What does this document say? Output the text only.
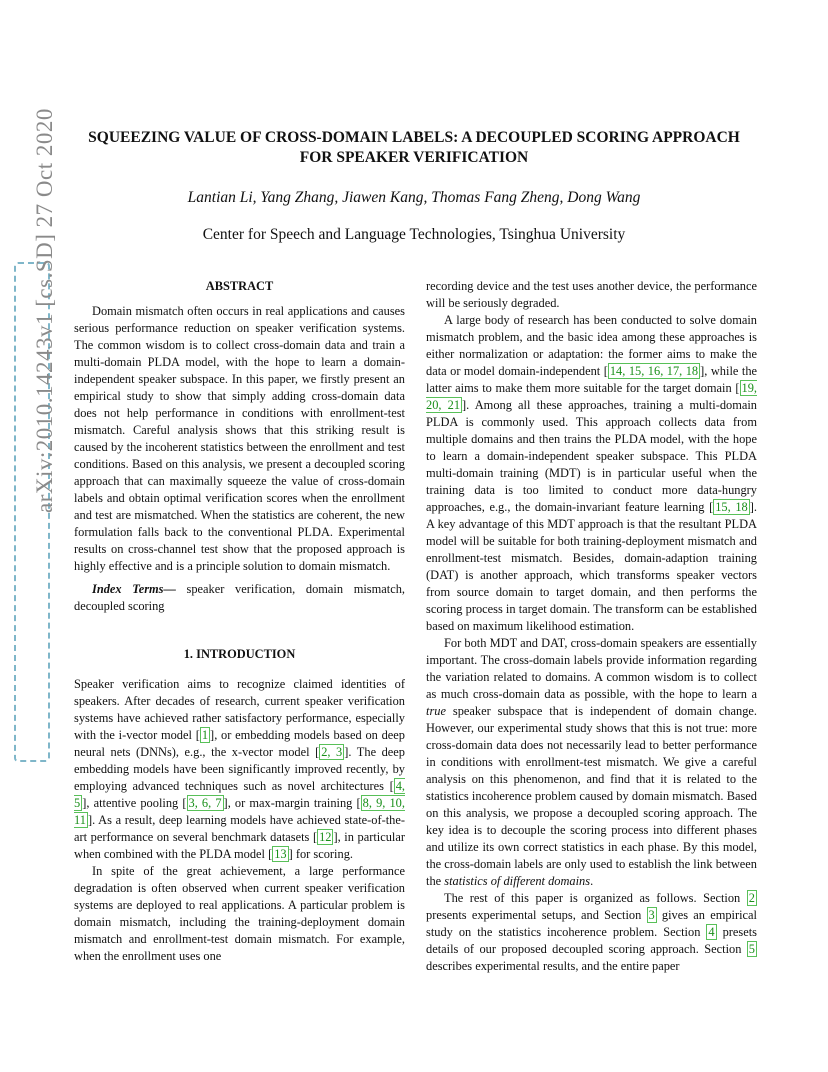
arXiv:2010.14243v1 [cs.SD] 27 Oct 2020	SQUEEZING VALUE OF CROSS-DOMAIN LABELS: A DECOUPLED SCORING APPROACH
FOR SPEAKER VERIFICATION
Lantian Li, Yang Zhang, Jiawen Kang, Thomas Fang Zheng, Dong Wang
Center for Speech and Language Technologies, Tsinghua University
ABSTRACT

Domain mismatch often occurs in real applications and causes serious performance reduction on speaker verification systems. The common wisdom is to collect cross-domain data and train a multi-domain PLDA model, with the hope to learn a domain-independent speaker subspace. In this paper, we firstly present an empirical study to show that simply adding cross-domain data does not help performance in conditions with enrollment-test mismatch. Careful analysis shows that this striking result is caused by the incoherent statistics between the enrollment and test conditions. Based on this analysis, we present a decoupled scoring approach that can maximally squeeze the value of cross-domain labels and obtain optimal verification scores when the enrollment and test are mismatched. When the statistics are coherent, the new formulation falls back to the conventional PLDA. Experimental results on cross-channel test show that the proposed approach is highly effective and is a principle solution to domain mismatch.

Index Terms— speaker verification, domain mismatch, decoupled scoring

1. INTRODUCTION

Speaker verification aims to recognize claimed identities of speakers. After decades of research, current speaker verification systems have achieved rather satisfactory performance, especially with the i-vector model [ 1 ], or embedding models based on deep neural nets (DNNs), e.g., the x-vector model [ 2, 3 ]. The deep embedding models have been significantly improved recently, by employing advanced techniques such as novel architectures [ 4, 5 ], attentive pooling [ 3, 6, 7 ], or max-margin training [ 8, 9, 10, 11 ]. As a result, deep learning models have achieved state-of-the-art performance on several benchmark datasets [ 12 ], in particular when combined with the PLDA model [ 13 ] for scoring.

In spite of the great achievement, a large performance degradation is often observed when current speaker verification systems are deployed to real applications. A particular problem is domain mismatch, including the training-deployment domain mismatch and enrollment-test domain mismatch. For example, when the enrollment uses one

recording device and the test uses another device, the performance will be seriously degraded.

A large body of research has been conducted to solve domain mismatch problem, and the basic idea among these approaches is either normalization or adaptation: the former aims to make the data or model domain-independent [ 14, 15, 16, 17, 18 ], while the latter aims to make them more suitable for the target domain [ 19, 20, 21 ]. Among all these approaches, training a multi-domain PLDA is commonly used. This approach collects data from multiple domains and then trains the PLDA model, with the hope to learn a domain-independent speaker subspace. This PLDA multi-domain training (MDT) is in particular useful when the training data is too limited to conduct more data-hungry approaches, e.g., the domain-invariant feature learning [ 15, 18 ]. A key advantage of this MDT approach is that the resultant PLDA model will be suitable for both training-deployment mismatch and enrollment-test mismatch. Besides, domain-adaption training (DAT) is another approach, which transforms speaker vectors from source domain to target domain, and then performs the scoring process in target domain. The transform can be established based on maximum likelihood estimation.

For both MDT and DAT, cross-domain speakers are essentially important. The cross-domain labels provide information regarding the variation related to domains. A common wisdom is to collect as much cross-domain data as possible, with the hope to learn a true speaker subspace that is independent of domain change. However, our experimental study shows that this is not true: more cross-domain data does not necessarily lead to better performance in conditions with enrollment-test mismatch. We give a careful analysis on this phenomenon, and find that it is related to the statistics incoherence problem caused by domain mismatch. Based on this analysis, we propose a decoupled scoring approach. The key idea is to decouple the scoring process into different phases and utilize its own correct statistics in each phase. By this model, the cross-domain labels are only used to establish the link between the statistics of different domains.

The rest of this paper is organized as follows. Section 2 presents experimental setups, and Section 3 gives an empirical study on the statistics incoherence problem. Section 4 presets details of our proposed decoupled scoring approach. Section 5 describes experimental results, and the entire paper
